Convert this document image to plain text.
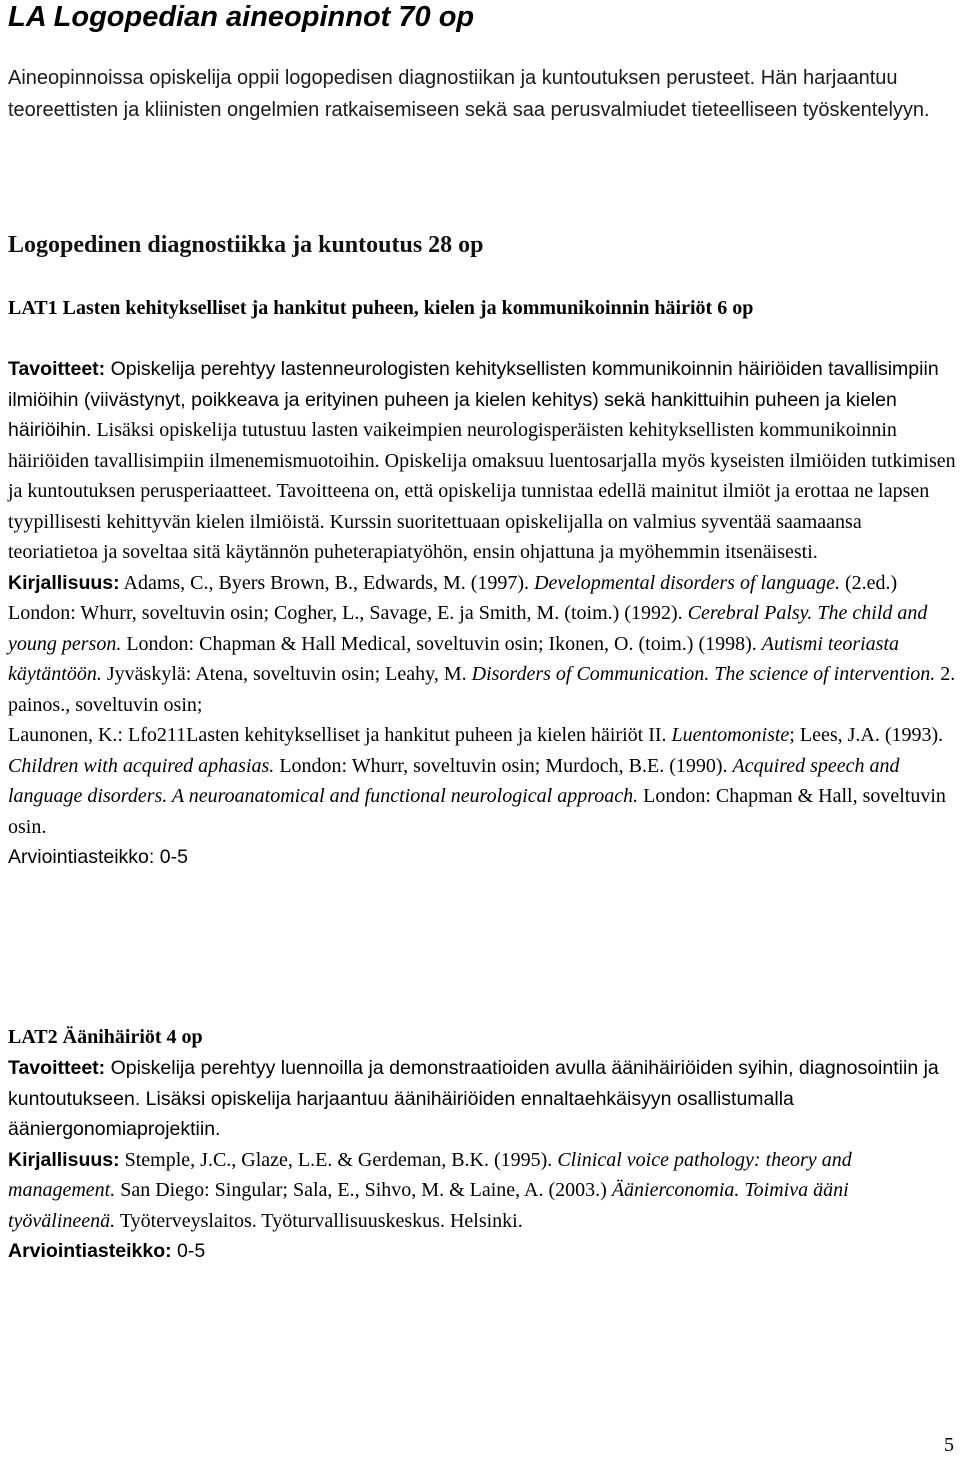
LA Logopedian aineopinnot 70 op

Aineopinnoissa opiskelija oppii logopedisen diagnostiikan ja kuntoutuksen perusteet. Hän harjaantuu teoreettisten ja kliinisten ongelmien ratkaisemiseen sekä saa perusvalmiudet tieteelliseen työskentelyyn.

Logopedinen diagnostiikka ja kuntoutus 28 op

LAT1 Lasten kehitykselliset ja hankitut puheen, kielen ja kommunikoinnin häiriöt 6 op

Tavoitteet: Opiskelija perehtyy lastenneurologisten kehityksellisten kommunikoinnin häiriöiden tavallisimpiin ilmiöihin (viivästynyt, poikkeava ja erityinen puheen ja kielen kehitys) sekä hankittuihin puheen ja kielen häiriöihin. Lisäksi opiskelija tutustuu lasten vaikeimpien neurologisperäisten kehityksellisten kommunikoinnin häiriöiden tavallisimpiin ilmenemismuotoihin. Opiskelija omaksuu luentosarjalla myös kyseisten ilmiöiden tutkimisen ja kuntoutuksen perusperiaatteet. Tavoitteena on, että opiskelija tunnistaa edellä mainitut ilmiöt ja erottaa ne lapsen tyypillisesti kehittyvän kielen ilmiöistä. Kurssin suoritettuaan opiskelijalla on valmius syventää saamaansa teoriatietoa ja soveltaa sitä käytännön puheterapiatyöhön, ensin ohjattuna ja myöhemmin itsenäisesti.
Kirjallisuus: Adams, C., Byers Brown, B., Edwards, M. (1997). Developmental disorders of language. (2.ed.) London: Whurr, soveltuvin osin; Cogher, L., Savage, E. ja Smith, M. (toim.) (1992). Cerebral Palsy. The child and young person. London: Chapman & Hall Medical, soveltuvin osin; Ikonen, O. (toim.) (1998). Autismi teoriasta käytäntöön. Jyväskylä: Atena, soveltuvin osin; Leahy, M. Disorders of Communication. The science of intervention. 2. painos., soveltuvin osin;
Launonen, K.: Lfo211Lasten kehitykselliset ja hankitut puheen ja kielen häiriöt II. Luentomoniste; Lees, J.A. (1993). Children with acquired aphasias. London: Whurr, soveltuvin osin; Murdoch, B.E. (1990). Acquired speech and language disorders. A neuroanatomical and functional neurological approach. London: Chapman & Hall, soveltuvin osin.
Arviointiasteikko: 0-5

LAT2 Äänihäiriöt 4 op

Tavoitteet: Opiskelija perehtyy luennoilla ja demonstraatioiden avulla äänihäiriöiden syihin, diagnosointiin ja kuntoutukseen. Lisäksi opiskelija harjaantuu äänihäiriöiden ennaltaehkäisyyn osallistumalla ääniergonomiaprojektiin.
Kirjallisuus: Stemple, J.C., Glaze, L.E. & Gerdeman, B.K. (1995). Clinical voice pathology: theory and management. San Diego: Singular; Sala, E., Sihvo, M. & Laine, A. (2003.) Äänierconomia. Toimiva ääni työvälineenä. Työterveyslaitos. Työturvallisuuskeskus. Helsinki.
Arviointiasteikko: 0-5

5
